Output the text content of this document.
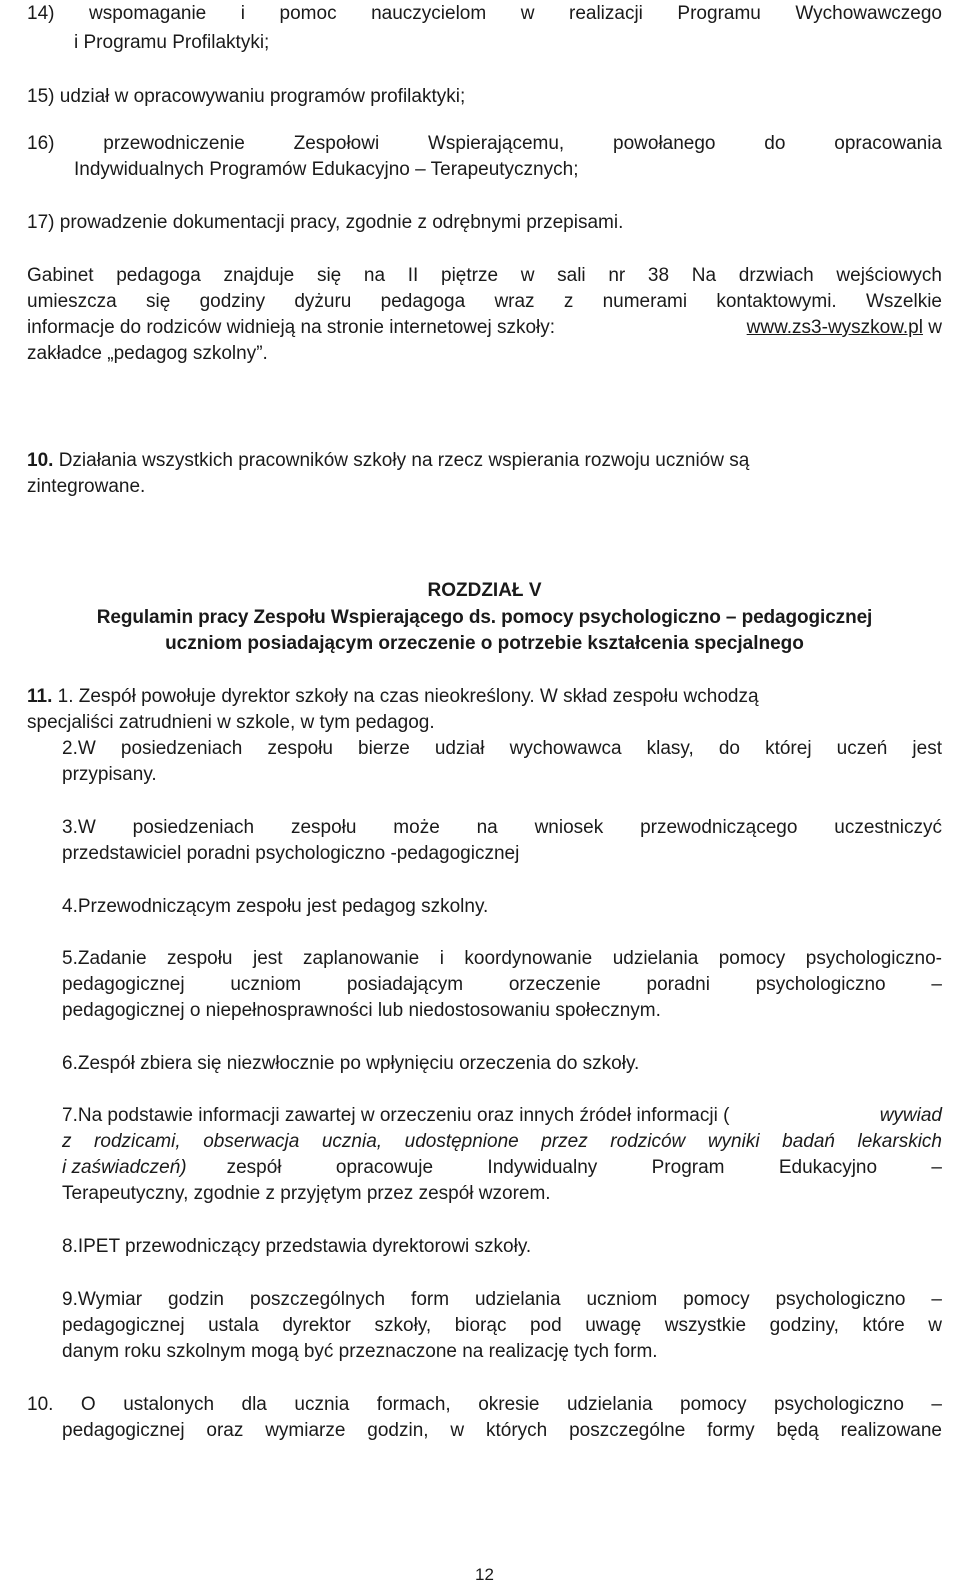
14) wspomaganie i pomoc nauczycielom w realizacji Programu Wychowawczego
i Programu Profilaktyki;
15) udział w opracowywaniu programów profilaktyki;
16)	przewodniczenie Zespołowi Wspierającemu, powołanego do opracowania
Indywidualnych Programów Edukacyjno – Terapeutycznych;
17) prowadzenie dokumentacji pracy, zgodnie z odrębnymi przepisami.
Gabinet pedagoga znajduje się na II piętrze w sali nr 38 Na drzwiach wejściowych
umieszcza się godziny dyżuru pedagoga wraz z numerami kontaktowymi. Wszelkie
informacje do rodziców widnieją na stronie internetowej szkoły:	www.zs3-wyszkow.pl w
zakładce „pedagog szkolny”.
10. Działania wszystkich pracowników szkoły na rzecz wspierania rozwoju uczniów są
zintegrowane.
ROZDZIAŁ V
Regulamin pracy Zespołu Wspierającego ds. pomocy psychologiczno – pedagogicznej
uczniom posiadającym orzeczenie o potrzebie kształcenia specjalnego
11. 1. Zespół powołuje dyrektor szkoły na czas nieokreślony. W skład zespołu wchodzą
specjaliści zatrudnieni w szkole, w tym pedagog.
2.W posiedzeniach zespołu bierze udział wychowawca klasy, do której uczeń jest
przypisany.
3.W posiedzeniach zespołu może na wniosek przewodniczącego uczestniczyć
przedstawiciel poradni psychologiczno -pedagogicznej
4.Przewodniczącym zespołu jest pedagog szkolny.
5.Zadanie zespołu jest zaplanowanie i koordynowanie udzielania pomocy psychologiczno-
pedagogicznej uczniom posiadającym orzeczenie poradni psychologiczno –
pedagogicznej o niepełnosprawności lub niedostosowaniu społecznym.
6.Zespół zbiera się niezwłocznie po wpłynięciu orzeczenia do szkoły.
7.Na podstawie informacji zawartej w orzeczeniu oraz innych źródeł informacji (	wywiad
z rodzicami, obserwacja ucznia, udostępnione przez rodziców wyniki badań lekarskich
i zaświadczeń) zespół opracowuje Indywidualny Program Edukacyjno –
Terapeutyczny, zgodnie z przyjętym przez zespół wzorem.
8.IPET przewodniczący przedstawia dyrektorowi szkoły.
9.Wymiar godzin poszczególnych form udzielania uczniom pomocy psychologiczno –
pedagogicznej ustala dyrektor szkoły, biorąc pod uwagę wszystkie godziny, które w
danym roku szkolnym mogą być przeznaczone na realizację tych form.
10. O ustalonych dla ucznia formach, okresie udzielania pomocy psychologiczno –
pedagogicznej oraz wymiarze godzin, w których poszczególne formy będą realizowane
12
